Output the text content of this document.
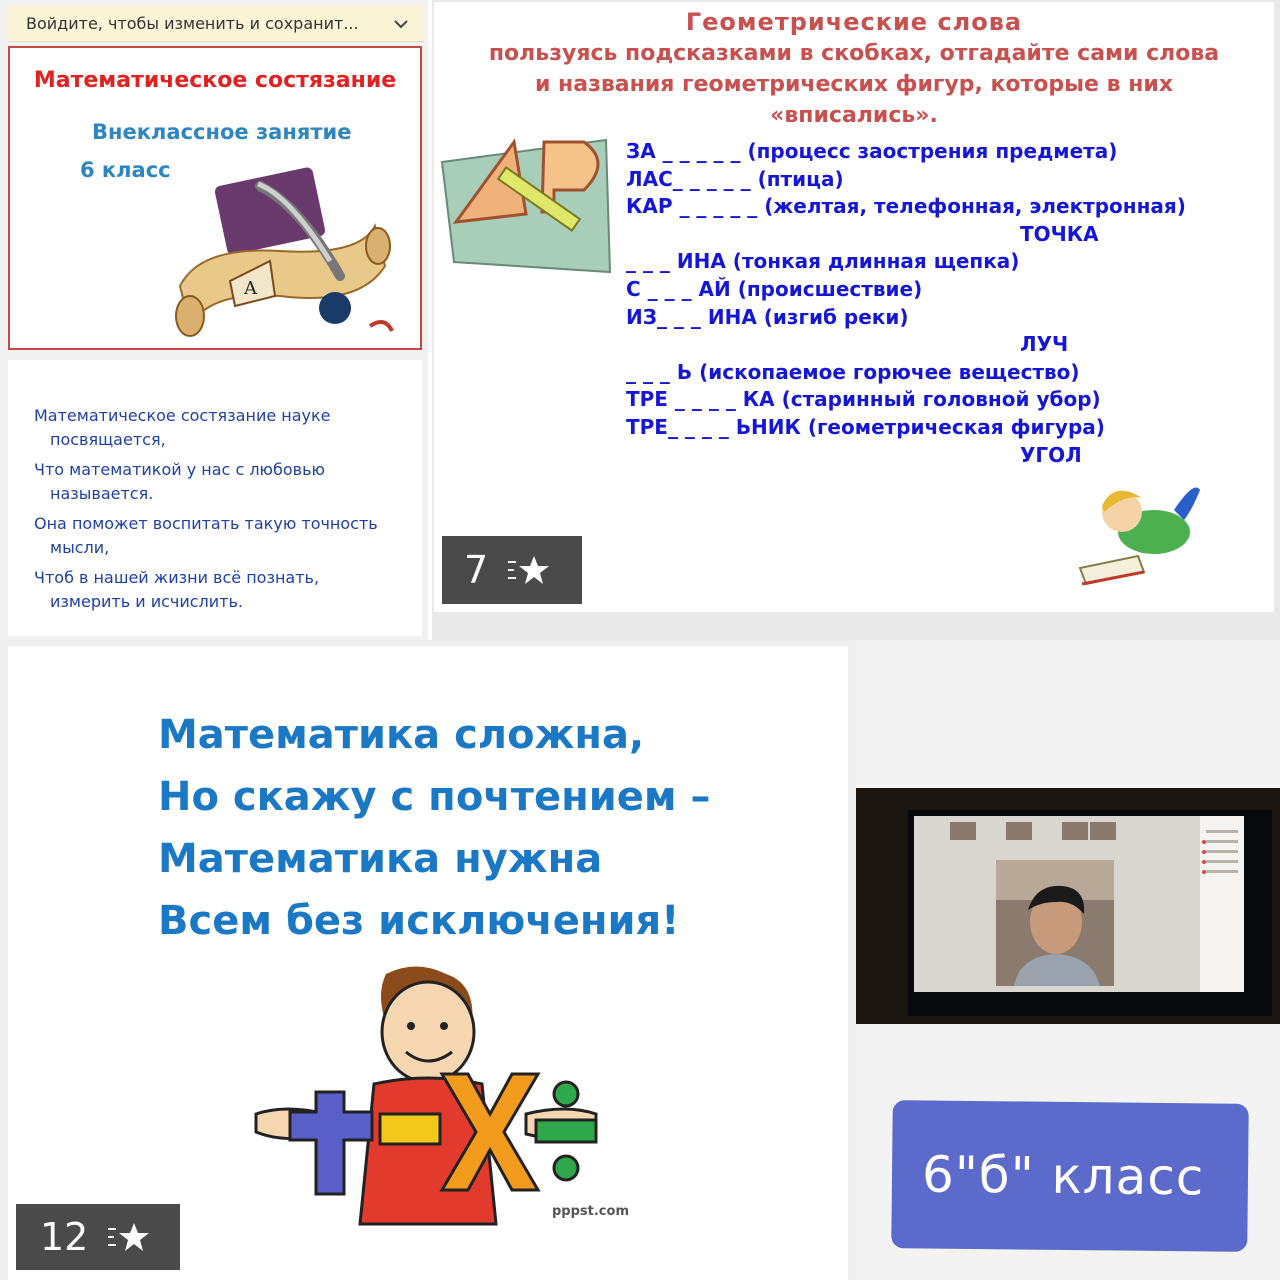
Войдите, чтобы изменить и сохранит...
Математическое состязание
Внеклассное занятие
6 класс
A

Математическое состязание науке посвящается,

Что математикой у нас с любовью называется.

Она поможет воспитать такую точность мысли,

Чтоб в нашей жизни всё познать, измерить и исчислить.

Геометрические слова
пользуясь подсказками в скобках, отгадайте сами слова
и названия геометрических фигур, которые в них
«вписались».
ЗА _ _ _ _ _ (процесс заострения предмета)
ЛАС_ _ _ _ _ (птица)
КАР _ _ _ _ _ (желтая, телефонная, электронная)
ТОЧКА
_ _ _ ИНА (тонкая длинная щепка)
С _ _ _ АЙ (происшествие)
ИЗ_ _ _ ИНА (изгиб реки)
ЛУЧ
_ _ _ Ь (ископаемое горючее вещество)
ТРЕ _ _ _ _ КА (старинный головной убор)
ТРЕ_ _ _ _ ЬНИК (геометрическая фигура)
УГОЛ
7
Математика сложна,
Но скажу с почтением –
Математика нужна
Всем без исключения!
pppst.com
12
6"б" класс
